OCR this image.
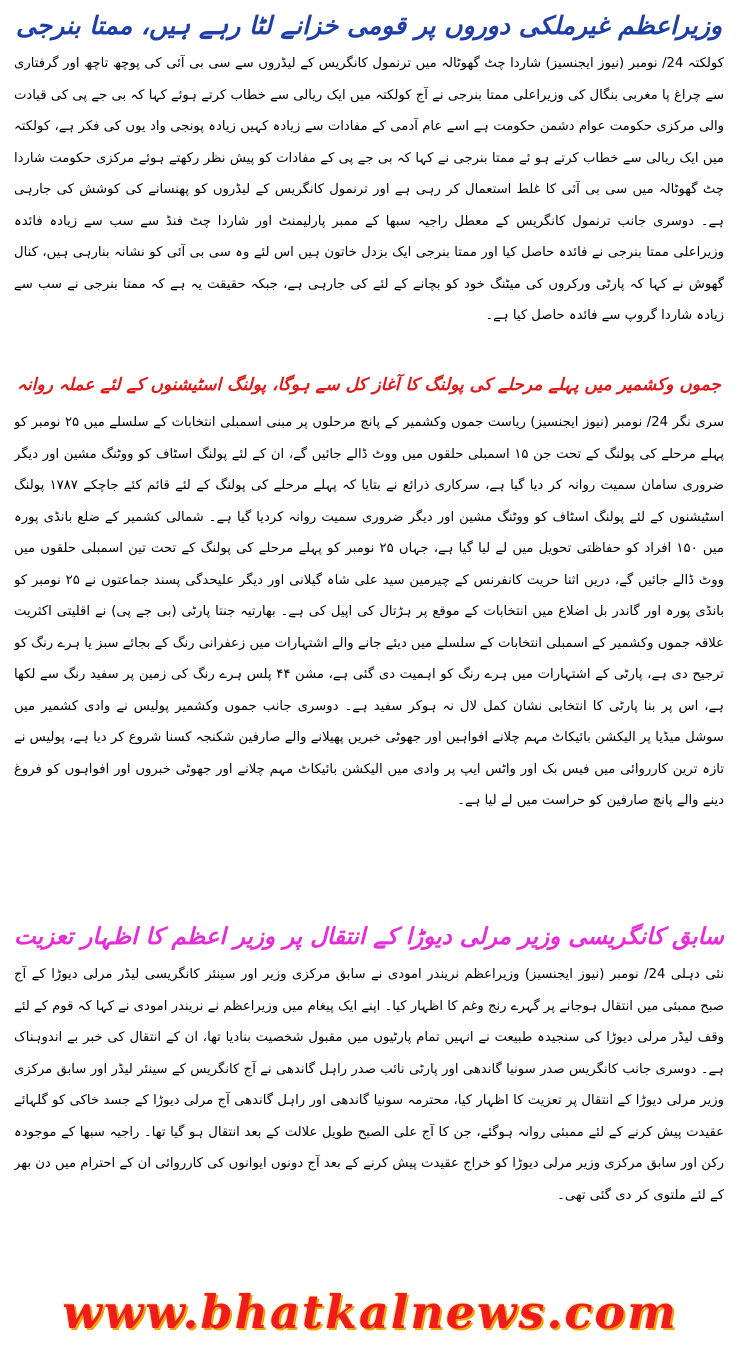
وزیراعظم غیرملکی دوروں پر قومی خزانے لٹا رہے ہیں، ممتا بنرجی

کولکتہ 24/ نومبر (نیوز ایجنسیز) شاردا چٹ گھوٹالہ میں ترنمول کانگریس کے لیڈروں سے سی بی آئی کی پوچھ تاچھ اور گرفتاری سے چراغ پا مغربی بنگال کی وزیراعلی ممتا بنرجی نے آج کولکتہ میں ایک ریالی سے خطاب کرتے ہوئے کہا کہ بی جے پی کی قیادت والی مرکزی حکومت عوام دشمن حکومت ہے اسے عام آدمی کے مفادات سے زیادہ کہیں زیادہ پونجی واد یوں کی فکر ہے، کولکتہ میں ایک ریالی سے خطاب کرتے ہو ئے ممتا بنرجی نے کہا کہ بی جے پی کے مفادات کو پیش نظر رکھتے ہوئے مرکزی حکومت شاردا چٹ گھوٹالہ میں سی بی آئی کا غلط استعمال کر رہی ہے اور ترنمول کانگریس کے لیڈروں کو پھنسانے کی کوشش کی جارہی ہے۔ دوسری جانب ترنمول کانگریس کے معطل راجیہ سبھا کے ممبر پارلیمنٹ اور شاردا چٹ فنڈ سے سب سے زیادہ فائدہ وزیراعلی ممتا بنرجی نے فائدہ حاصل کیا اور ممتا بنرجی ایک بزدل خاتون ہیں اس لئے وہ سی بی آئی کو نشانہ بنارہی ہیں، کنال گھوش نے کہا کہ پارٹی ورکروں کی میٹنگ خود کو بچانے کے لئے کی جارہی ہے، جبکہ حقیقت یہ ہے کہ ممتا بنرجی نے سب سے زیادہ شاردا گروپ سے فائدہ حاصل کیا ہے۔

جموں وکشمیر میں پہلے مرحلے کی پولنگ کا آغاز کل سے ہوگا، پولنگ اسٹیشنوں کے لئے عملہ روانہ

سری نگر 24/ نومبر (نیوز ایجنسیز) ریاست جموں وکشمیر کے پانچ مرحلوں پر مبنی اسمبلی انتخابات کے سلسلے میں ۲۵ نومبر کو پہلے مرحلے کی پولنگ کے تحت جن ۱۵ اسمبلی حلقوں میں ووٹ ڈالے جائیں گے، ان کے لئے پولنگ اسٹاف کو ووٹنگ مشین اور دیگر ضروری سامان سمیت روانہ کر دیا گیا ہے، سرکاری ذرائع نے بتایا کہ پہلے مرحلے کی پولنگ کے لئے قائم کئے جاچکے ۱۷۸۷ پولنگ اسٹیشنوں کے لئے پولنگ اسٹاف کو ووٹنگ مشین اور دیگر ضروری سمیت روانہ کردیا گیا ہے۔ شمالی کشمیر کے ضلع بانڈی پورہ میں ۱۵۰ افراد کو حفاظتی تحویل میں لے لیا گیا ہے، جہاں ۲۵ نومبر کو پہلے مرحلے کی پولنگ کے تحت تین اسمبلی حلقوں میں ووٹ ڈالے جائیں گے، دریں اثنا حریت کانفرنس کے چیرمین سید علی شاہ گیلانی اور دیگر علیحدگی پسند جماعتوں نے ۲۵ نومبر کو بانڈی پورہ اور گاندر بل اضلاع میں انتخابات کے موقع پر ہڑتال کی اپیل کی ہے۔ بھارتیہ جنتا پارٹی (بی جے پی) نے اقلیتی اکثریت علاقہ جموں وکشمیر کے اسمبلی انتخابات کے سلسلے میں دیئے جانے والے اشتہارات میں زعفرانی رنگ کے بجائے سبز یا ہرے رنگ کو ترجیح دی ہے، پارٹی کے اشتہارات میں ہرے رنگ کو اہمیت دی گئی ہے، مشن ۴۴ پلس ہرے رنگ کی زمین پر سفید رنگ سے لکھا ہے، اس پر بنا پارٹی کا انتخابی نشان کمل لال نہ ہوکر سفید ہے۔ دوسری جانب جموں وکشمیر پولیس نے وادی کشمیر میں سوشل میڈیا پر الیکشن بائیکاٹ مہم چلانے افواہیں اور جھوٹی خبریں پھیلانے والے صارفین شکنجہ کسنا شروع کر دیا ہے، پولیس نے تازہ ترین کارروائی میں فیس بک اور واٹس ایپ پر وادی میں الیکشن بائیکاٹ مہم چلانے اور جھوٹی خبروں اور افواہوں کو فروغ دینے والے پانچ صارفین کو حراست میں لے لیا ہے۔

سابق کانگریسی وزیر مرلی دیوڑا کے انتقال پر وزیر اعظم کا اظہار تعزیت

نئی دہلی 24/ نومبر (نیوز ایجنسیز) وزیراعظم نریندر امودی نے سابق مرکزی وزیر اور سینئر کانگریسی لیڈر مرلی دیوڑا کے آج صبح ممبئی میں انتقال ہوجانے پر گہرے رنج وغم کا اظہار کیا۔ اپنے ایک پیغام میں وزیراعظم نے نریندر امودی نے کہا کہ قوم کے لئے وقف لیڈر مرلی دیوڑا کی سنجیدہ طبیعت نے انہیں تمام پارٹیوں میں مقبول شخصیت بنادیا تھا، ان کے انتقال کی خبر بے اندوہناک ہے۔ دوسری جانب کانگریس صدر سونیا گاندھی اور پارٹی نائب صدر راہل گاندھی نے آج کانگریس کے سینئر لیڈر اور سابق مرکزی وزیر مرلی دیوڑا کے انتقال پر تعزیت کا اظہار کیا، محترمہ سونیا گاندھی اور راہل گاندھی آج مرلی دیوڑا کے جسد خاکی کو گلہائے عقیدت پیش کرنے کے لئے ممبئی روانہ ہوگئے، جن کا آج علی الصبح طویل علالت کے بعد انتقال ہو گیا تھا۔ راجیہ سبھا کے موجودہ رکن اور سابق مرکزی وزیر مرلی دیوڑا کو خراج عقیدت پیش کرنے کے بعد آج دونوں ایوانوں کی کارروائی ان کے احترام میں دن بھر کے لئے ملتوی کر دی گئی تھی۔

www.bhatkalnews.com
